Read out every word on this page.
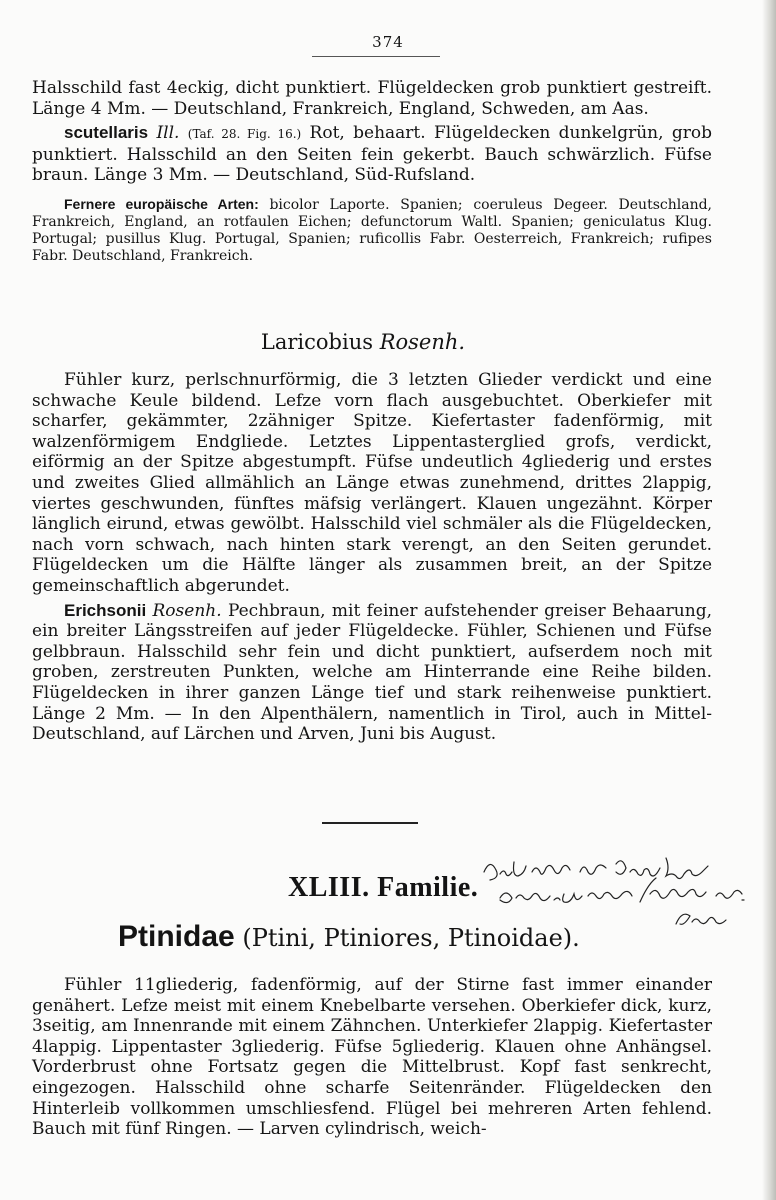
374

Halsschild fast 4eckig, dicht punktiert. Flügeldecken grob punktiert gestreift. Länge 4 Mm. — Deutschland, Frankreich, England, Schweden, am Aas.

scutellaris Ill. (Taf. 28. Fig. 16.) Rot, behaart. Flügeldecken dunkelgrün, grob punktiert. Halsschild an den Seiten fein gekerbt. Bauch schwärzlich. Füfse braun. Länge 3 Mm. — Deutschland, Süd-Rufsland.

Fernere europäische Arten: bicolor Laporte. Spanien; coeruleus Degeer. Deutschland, Frankreich, England, an rotfaulen Eichen; defunctorum Waltl. Spanien; geniculatus Klug. Portugal; pusillus Klug. Portugal, Spanien; ruficollis Fabr. Oesterreich, Frankreich; rufipes Fabr. Deutschland, Frankreich.

Laricobius Rosenh.

Fühler kurz, perlschnurförmig, die 3 letzten Glieder verdickt und eine schwache Keule bildend. Lefze vorn flach ausgebuchtet. Oberkiefer mit scharfer, gekämmter, 2zähniger Spitze. Kiefertaster fadenförmig, mit walzenförmigem Endgliede. Letztes Lippentasterglied grofs, verdickt, eiförmig an der Spitze abgestumpft. Füfse undeutlich 4gliederig und erstes und zweites Glied allmählich an Länge etwas zunehmend, drittes 2lappig, viertes geschwunden, fünftes mäfsig verlängert. Klauen ungezähnt. Körper länglich eirund, etwas gewölbt. Halsschild viel schmäler als die Flügeldecken, nach vorn schwach, nach hinten stark verengt, an den Seiten gerundet. Flügeldecken um die Hälfte länger als zusammen breit, an der Spitze gemeinschaftlich abgerundet.

Erichsonii Rosenh. Pechbraun, mit feiner aufstehender greiser Behaarung, ein breiter Längsstreifen auf jeder Flügeldecke. Fühler, Schienen und Füfse gelbbraun. Halsschild sehr fein und dicht punktiert, aufserdem noch mit groben, zerstreuten Punkten, welche am Hinterrande eine Reihe bilden. Flügeldecken in ihrer ganzen Länge tief und stark reihenweise punktiert. Länge 2 Mm. — In den Alpenthälern, namentlich in Tirol, auch in Mittel-Deutschland, auf Lärchen und Arven, Juni bis August.

XLIII. Familie.
Ptinidae (Ptini, Ptiniores, Ptinoidae).

Fühler 11gliederig, fadenförmig, auf der Stirne fast immer einander genähert. Lefze meist mit einem Knebelbarte versehen. Oberkiefer dick, kurz, 3seitig, am Innenrande mit einem Zähnchen. Unterkiefer 2lappig. Kiefertaster 4lappig. Lippentaster 3gliederig. Füfse 5gliederig. Klauen ohne Anhängsel. Vorderbrust ohne Fortsatz gegen die Mittelbrust. Kopf fast senkrecht, eingezogen. Halsschild ohne scharfe Seitenränder. Flügeldecken den Hinterleib vollkommen umschliesfend. Flügel bei mehreren Arten fehlend. Bauch mit fünf Ringen. — Larven cylindrisch, weich-
